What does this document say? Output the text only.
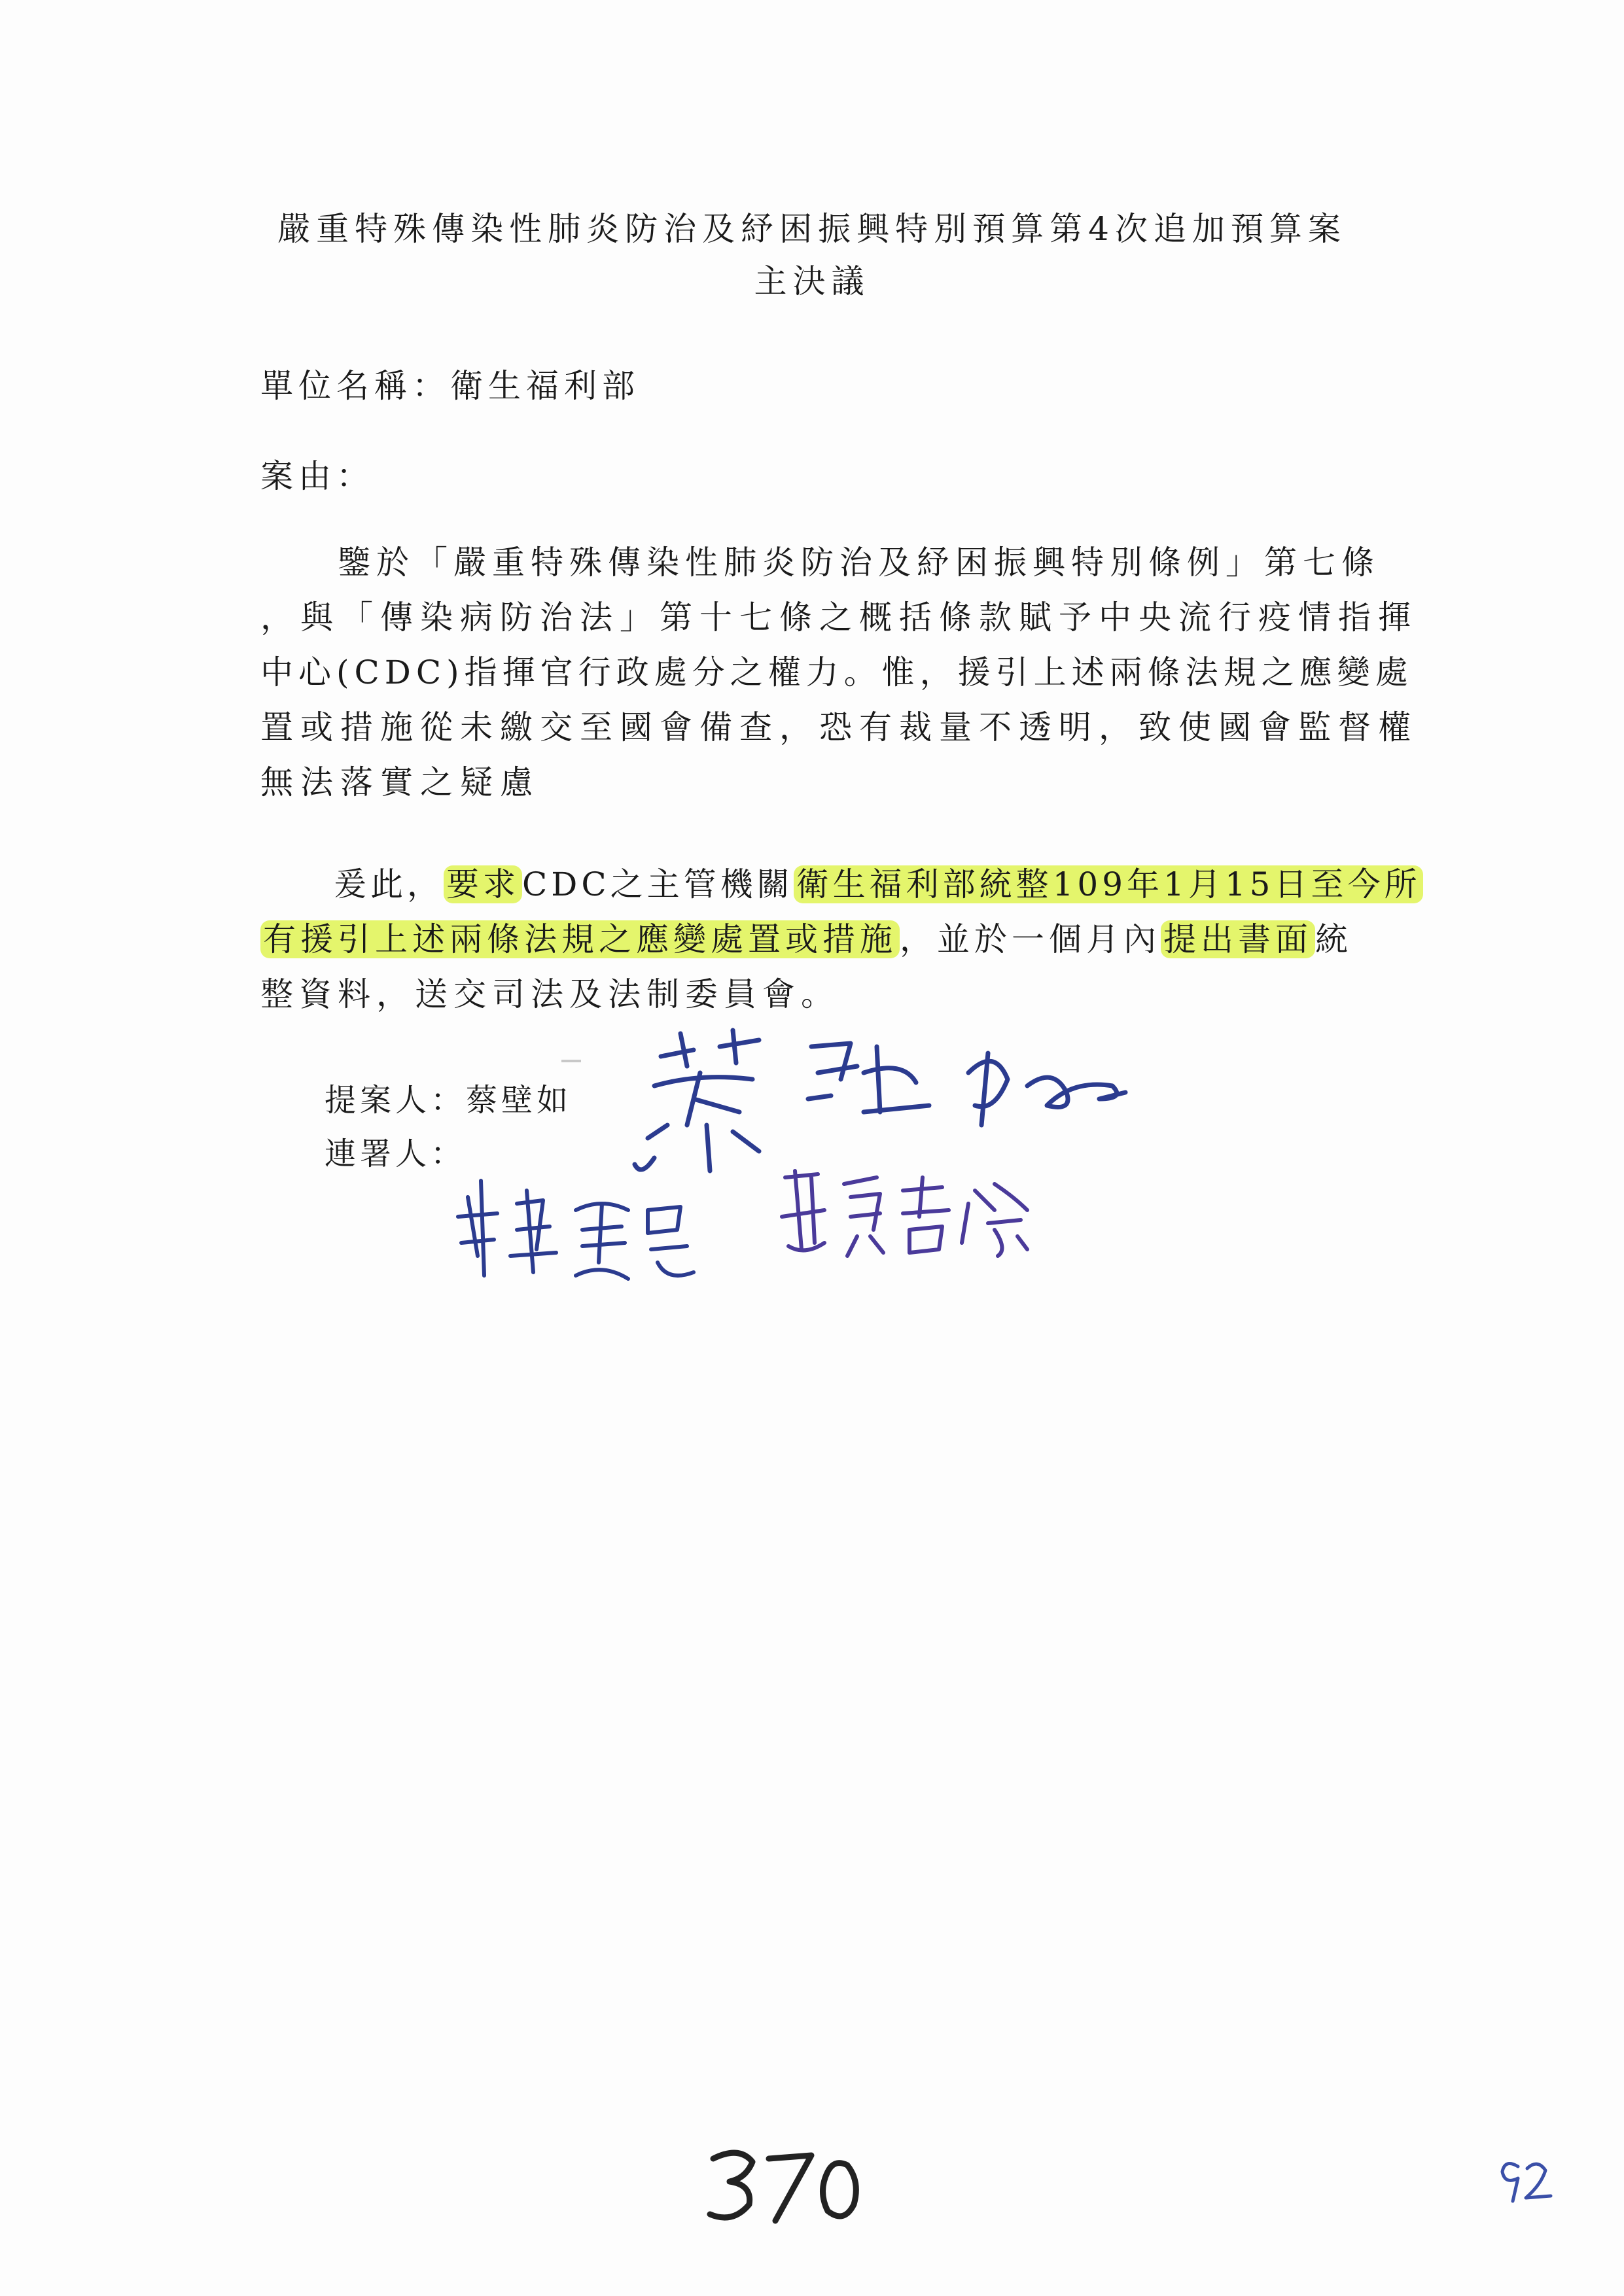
嚴重特殊傳染性肺炎防治及紓困振興特別預算第4次追加預算案
主決議
單位名稱：衛生福利部
案由：
　　鑒於「嚴重特殊傳染性肺炎防治及紓困振興特別條例」第七條
，與「傳染病防治法」第十七條之概括條款賦予中央流行疫情指揮
中心(CDC)指揮官行政處分之權力。惟，援引上述兩條法規之應變處
置或措施從未繳交至國會備查，恐有裁量不透明，致使國會監督權
無法落實之疑慮
　　爰此，要求CDC之主管機關衛生福利部統整109年1月15日至今所
有援引上述兩條法規之應變處置或措施，並於一個月內提出書面統
整資料，送交司法及法制委員會。
提案人：蔡壁如
連署人：
